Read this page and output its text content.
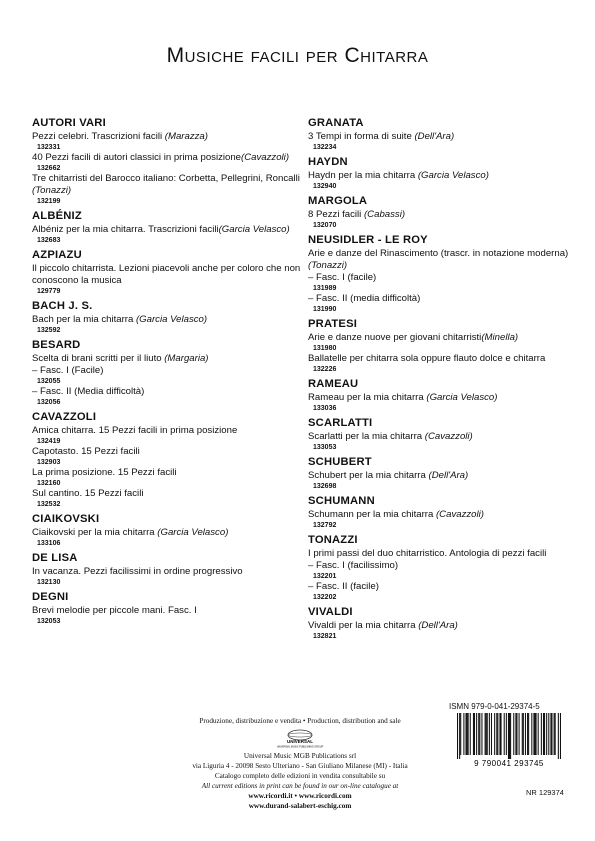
Musiche facili per Chitarra
AUTORI VARI
Pezzi celebri. Trascrizioni facili (Marazza)
132331
40 Pezzi facili di autori classici in prima posizione(Cavazzoli)
132662
Tre chitarristi del Barocco italiano: Corbetta, Pellegrini, Roncalli (Tonazzi)
132199
ALBÉNIZ
Albéniz per la mia chitarra. Trascrizioni facili(Garcia Velasco)
132683
AZPIAZU
Il piccolo chitarrista. Lezioni piacevoli anche per coloro che non conoscono la musica
129779
BACH J. S.
Bach per la mia chitarra (Garcia Velasco)
132592
BESARD
Scelta di brani scritti per il liuto (Margaria)
– Fasc. I (Facile)
132055
– Fasc. II (Media difficoltà)
132056
CAVAZZOLI
Amica chitarra. 15 Pezzi facili in prima posizione
132419
Capotasto. 15 Pezzi facili
132903
La prima posizione. 15 Pezzi facili
132160
Sul cantino. 15 Pezzi facili
132532
CIAIKOVSKI
Ciaikovski per la mia chitarra (Garcia Velasco)
133106
DE LISA
In vacanza. Pezzi facilissimi in ordine progressivo
132130
DEGNI
Brevi melodie per piccole mani. Fasc. I
132053
GRANATA
3 Tempi in forma di suite (Dell'Ara)
132234
HAYDN
Haydn per la mia chitarra (Garcia Velasco)
132940
MARGOLA
8 Pezzi facili (Cabassi)
132070
NEUSIDLER - LE ROY
Arie e danze del Rinascimento (trascr. in notazione moderna) (Tonazzi)
– Fasc. I (facile)
131989
– Fasc. II (media difficoltà)
131990
PRATESI
Arie e danze nuove per giovani chitarristi(Minella)
131980
Ballatelle per chitarra sola oppure flauto dolce e chitarra
132226
RAMEAU
Rameau per la mia chitarra (Garcia Velasco)
133036
SCARLATTI
Scarlatti per la mia chitarra (Cavazzoli)
133053
SCHUBERT
Schubert per la mia chitarra (Dell'Ara)
132698
SCHUMANN
Schumann per la mia chitarra (Cavazzoli)
132792
TONAZZI
I primi passi del duo chitarristico. Antologia di pezzi facili
– Fasc. I (facilissimo)
132201
– Fasc. II (facile)
132202
VIVALDI
Vivaldi per la mia chitarra (Dell'Ara)
132821
Produzione, distribuzione e vendita • Production, distribution and sale
UNIVERSAL
UNIVERSAL MUSIC PUBLISHING GROUP
Universal Music MGB Publications srl
via Liguria 4 - 20098 Sesto Ulteriano - San Giuliano Milanese (MI) - Italia
Catalogo completo delle edizioni in vendita consultabile su
All current editions in print can be found in our on-line catalogue at
www.ricordi.it • www.ricordi.com
www.durand-salabert-eschig.com
ISMN 979-0-041-29374-5
9 790041 293745
NR 129374
